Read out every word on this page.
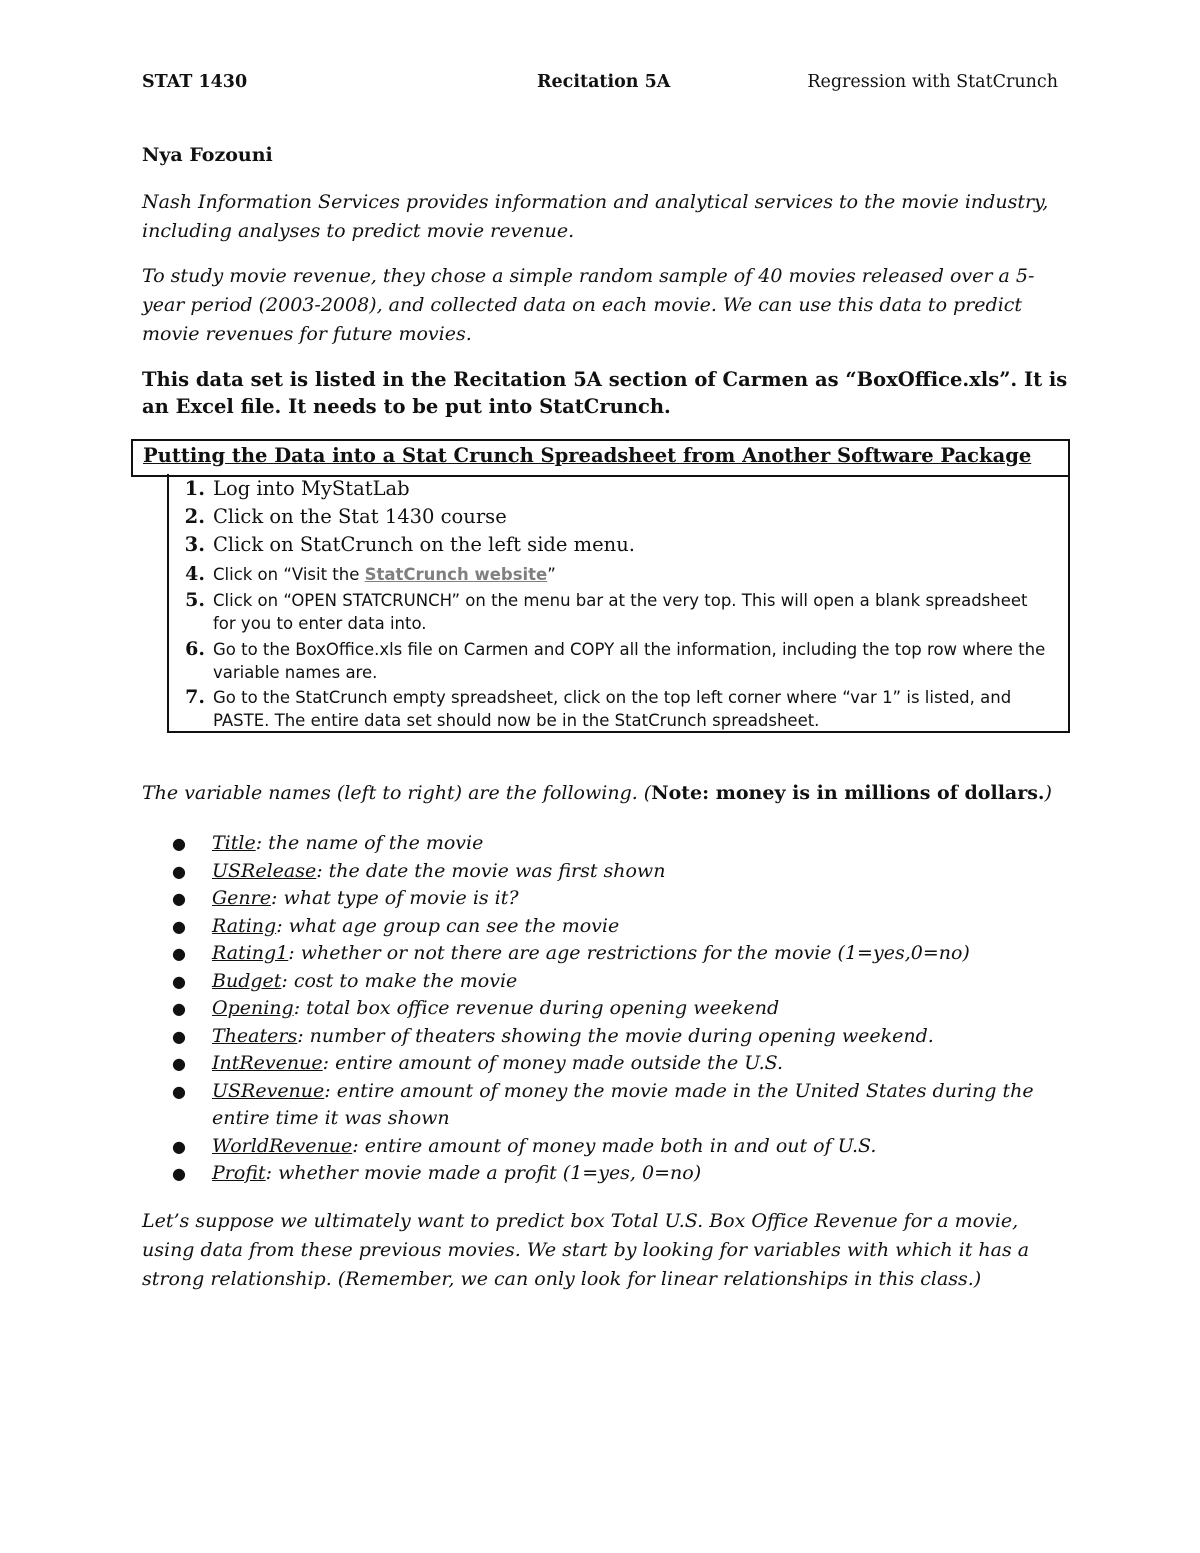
STAT 1430	Recitation 5A	Regression with StatCrunch
Nya Fozouni
Nash Information Services provides information and analytical services to the movie industry, including analyses to predict movie revenue.
To study movie revenue, they chose a simple random sample of 40 movies released over a 5-year period (2003-2008), and collected data on each movie. We can use this data to predict movie revenues for future movies.
This data set is listed in the Recitation 5A section of Carmen as “BoxOffice.xls”. It is an Excel file. It needs to be put into StatCrunch.
Putting the Data into a Stat Crunch Spreadsheet from Another Software Package
1. Log into MyStatLab
2. Click on the Stat 1430 course
3. Click on StatCrunch on the left side menu.
4. Click on “Visit the StatCrunch website”
5. Click on “OPEN STATCRUNCH” on the menu bar at the very top. This will open a blank spreadsheet for you to enter data into.
6. Go to the BoxOffice.xls file on Carmen and COPY all the information, including the top row where the variable names are.
7. Go to the StatCrunch empty spreadsheet, click on the top left corner where “var 1” is listed, and PASTE. The entire data set should now be in the StatCrunch spreadsheet.
The variable names (left to right) are the following. (Note: money is in millions of dollars.)
● Title: the name of the movie
● USRelease: the date the movie was first shown
● Genre: what type of movie is it?
● Rating: what age group can see the movie
● Rating1: whether or not there are age restrictions for the movie (1=yes,0=no)
● Budget: cost to make the movie
● Opening: total box office revenue during opening weekend
● Theaters: number of theaters showing the movie during opening weekend.
● IntRevenue: entire amount of money made outside the U.S.
● USRevenue: entire amount of money the movie made in the United States during the entire time it was shown
● WorldRevenue: entire amount of money made both in and out of U.S.
● Profit: whether movie made a profit (1=yes, 0=no)
Let’s suppose we ultimately want to predict box Total U.S. Box Office Revenue for a movie, using data from these previous movies. We start by looking for variables with which it has a strong relationship. (Remember, we can only look for linear relationships in this class.)
